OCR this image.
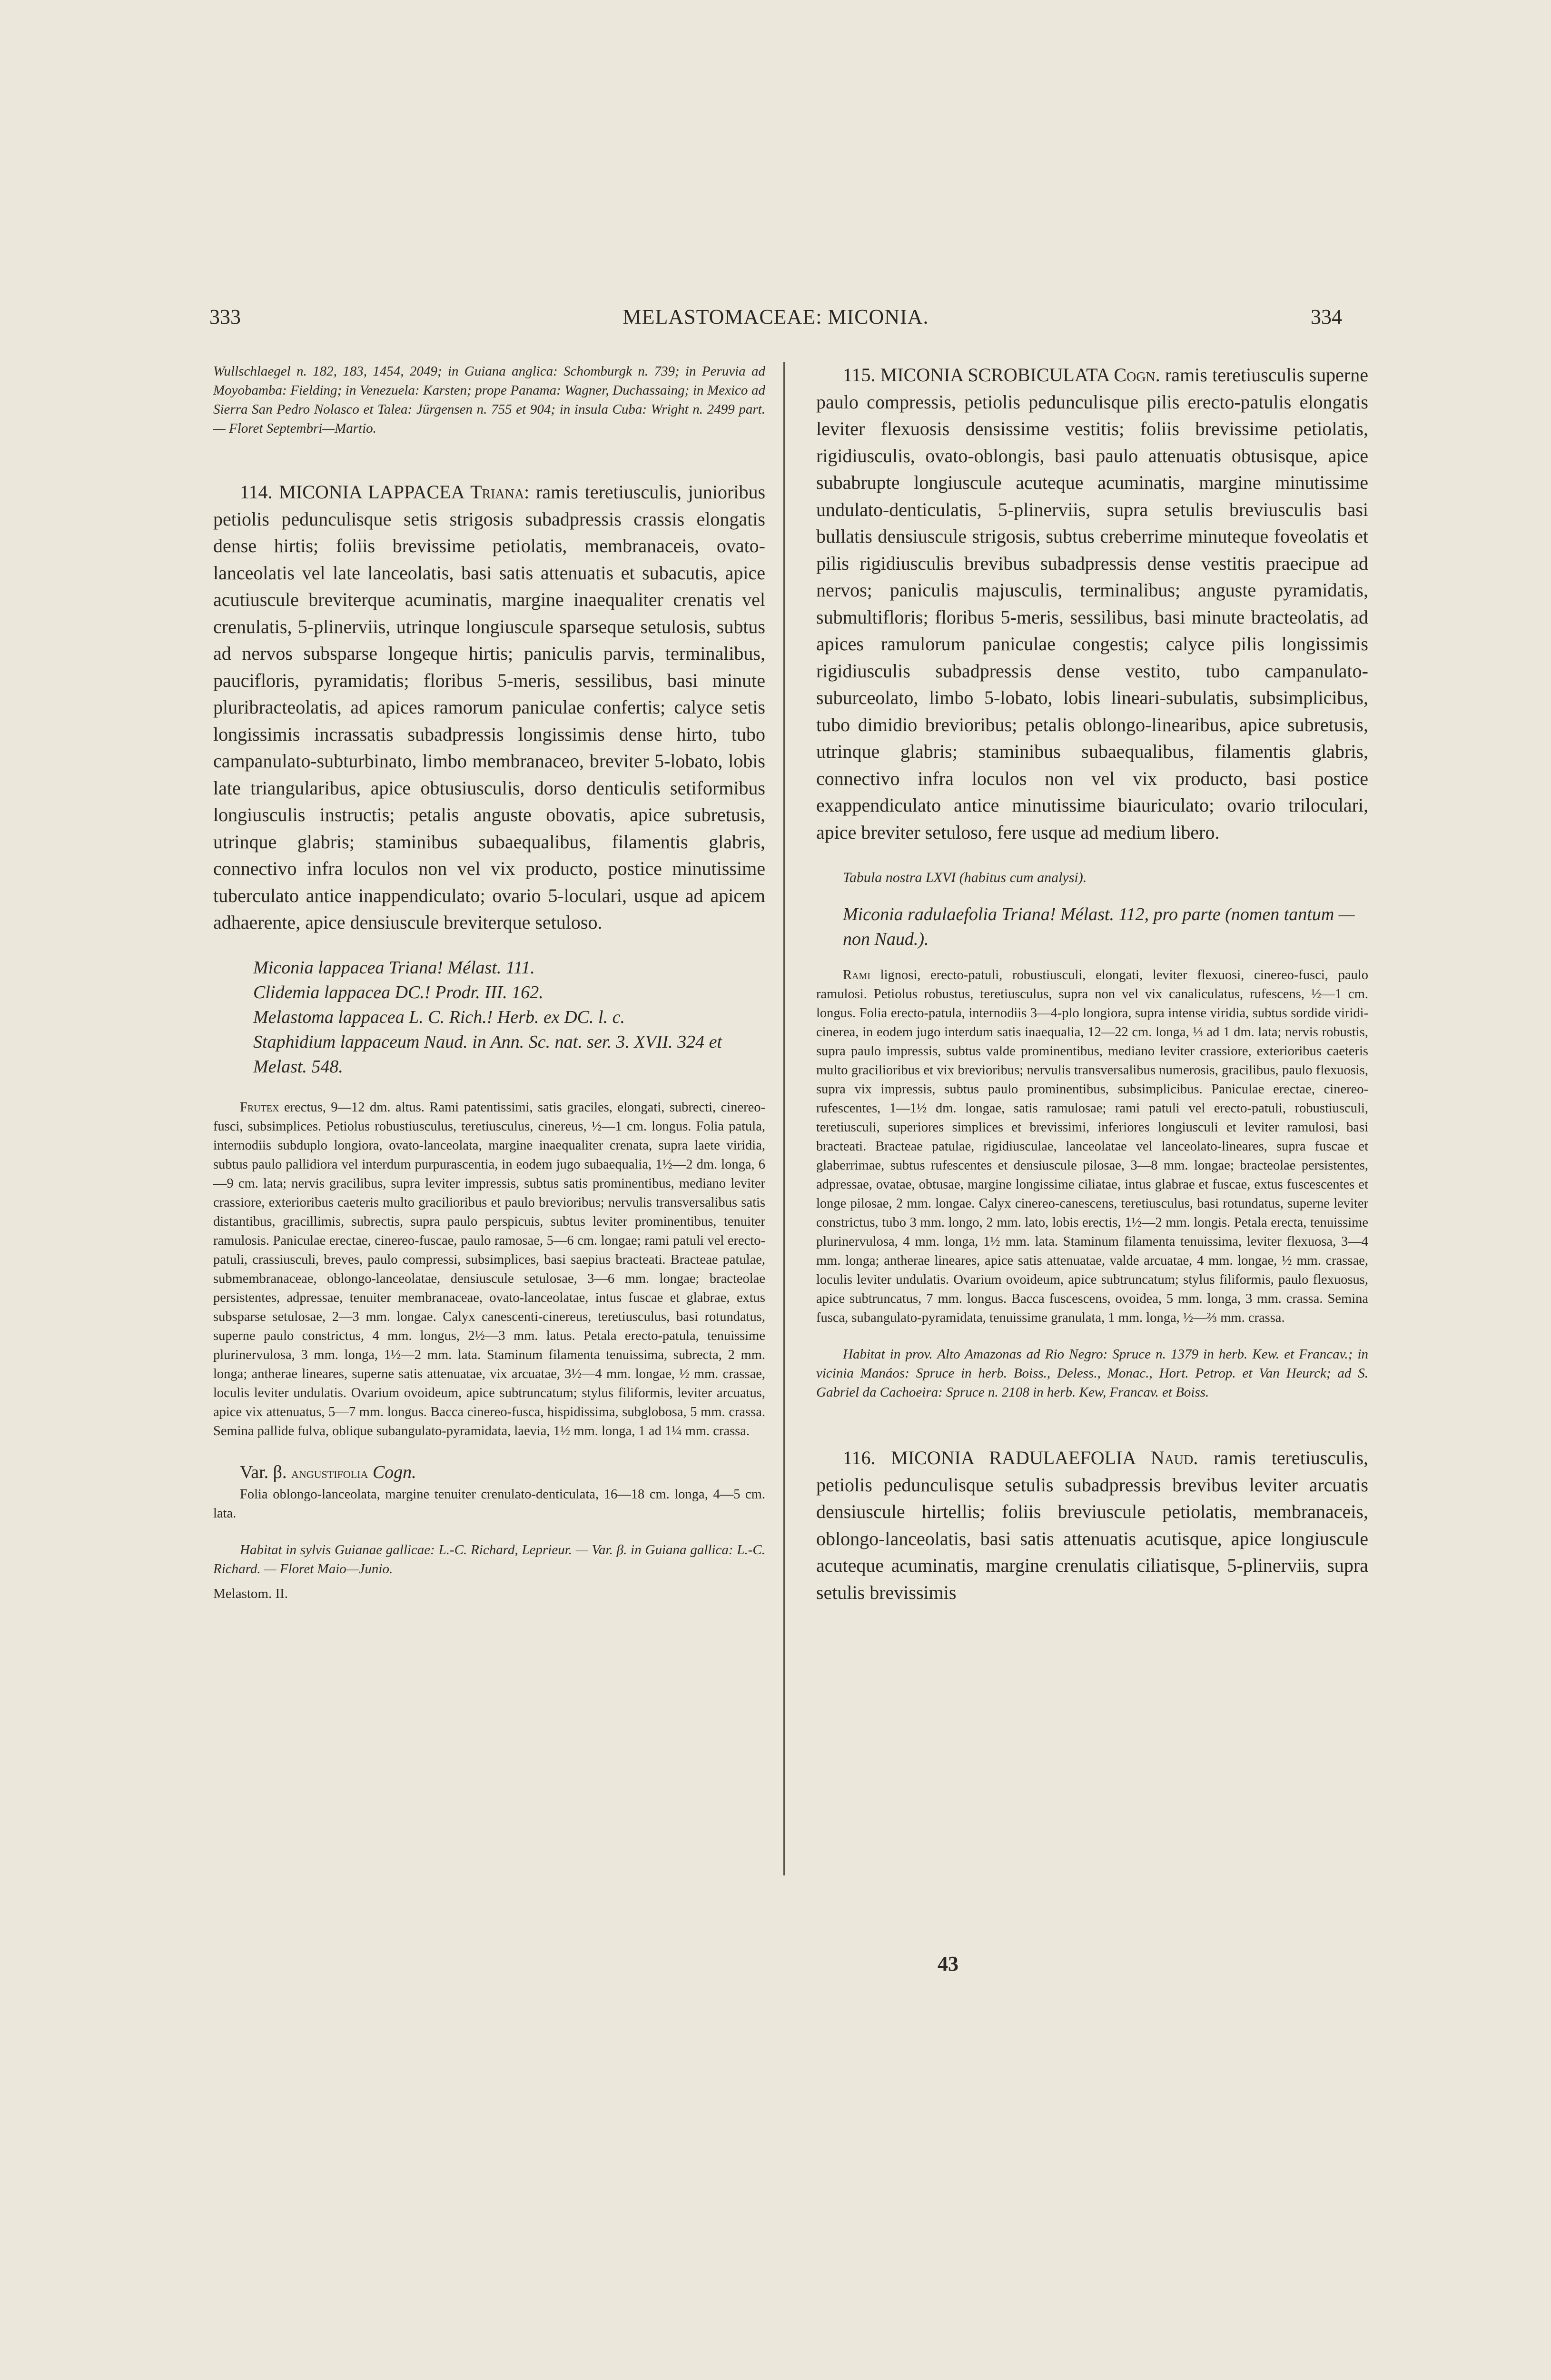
333	MELASTOMACEAE: MICONIA.	334

Wullschlaegel n. 182, 183, 1454, 2049; in Guiana anglica: Schomburgk n. 739; in Peruvia ad Moyobamba: Fielding; in Venezuela: Karsten; prope Panama: Wagner, Duchassaing; in Mexico ad Sierra San Pedro Nolasco et Talea: Jürgensen n. 755 et 904; in insula Cuba: Wright n. 2499 part. — Floret Septembri—Martio.

114. MICONIA LAPPACEA Triana: ramis teretiusculis, junioribus petiolis pedunculisque setis strigosis subadpressis crassis elongatis dense hirtis; foliis brevissime petiolatis, membranaceis, ovato-lanceolatis vel late lanceolatis, basi satis attenuatis et subacutis, apice acutiuscule breviterque acuminatis, margine inaequaliter crenatis vel crenulatis, 5-plinerviis, utrinque longiuscule sparseque setulosis, subtus ad nervos subsparse longeque hirtis; paniculis parvis, terminalibus, paucifloris, pyramidatis; floribus 5-meris, sessilibus, basi minute pluribracteolatis, ad apices ramorum paniculae confertis; calyce setis longissimis incrassatis subadpressis longissimis dense hirto, tubo campanulato-subturbinato, limbo membranaceo, breviter 5-lobato, lobis late triangularibus, apice obtusiusculis, dorso denticulis setiformibus longiusculis instructis; petalis anguste obovatis, apice subretusis, utrinque glabris; staminibus subaequalibus, filamentis glabris, connectivo infra loculos non vel vix producto, postice minutissime tuberculato antice inappendiculato; ovario 5-loculari, usque ad apicem adhaerente, apice densiuscule breviterque setuloso.

Miconia lappacea Triana! Mélast. 111.

Clidemia lappacea DC.! Prodr. III. 162.

Melastoma lappacea L. C. Rich.! Herb. ex DC. l. c.

Staphidium lappaceum Naud. in Ann. Sc. nat. ser. 3. XVII. 324 et Melast. 548.

Frutex erectus, 9—12 dm. altus. Rami patentissimi, satis graciles, elongati, subrecti, cinereo-fusci, subsimplices. Petiolus robustiusculus, teretiusculus, cinereus, ½—1 cm. longus. Folia patula, internodiis subduplo longiora, ovato-lanceolata, margine inaequaliter crenata, supra laete viridia, subtus paulo pallidiora vel interdum purpurascentia, in eodem jugo subaequalia, 1½—2 dm. longa, 6—9 cm. lata; nervis gracilibus, supra leviter impressis, subtus satis prominentibus, mediano leviter crassiore, exterioribus caeteris multo gracilioribus et paulo brevioribus; nervulis transversalibus satis distantibus, gracillimis, subrectis, supra paulo perspicuis, subtus leviter prominentibus, tenuiter ramulosis. Paniculae erectae, cinereo-fuscae, paulo ramosae, 5—6 cm. longae; rami patuli vel erecto-patuli, crassiusculi, breves, paulo compressi, subsimplices, basi saepius bracteati. Bracteae patulae, submembranaceae, oblongo-lanceolatae, densiuscule setulosae, 3—6 mm. longae; bracteolae persistentes, adpressae, tenuiter membranaceae, ovato-lanceolatae, intus fuscae et glabrae, extus subsparse setulosae, 2—3 mm. longae. Calyx canescenti-cinereus, teretiusculus, basi rotundatus, superne paulo constrictus, 4 mm. longus, 2½—3 mm. latus. Petala erecto-patula, tenuissime plurinervulosa, 3 mm. longa, 1½—2 mm. lata. Staminum filamenta tenuissima, subrecta, 2 mm. longa; antherae lineares, superne satis attenuatae, vix arcuatae, 3½—4 mm. longae, ½ mm. crassae, loculis leviter undulatis. Ovarium ovoideum, apice subtruncatum; stylus filiformis, leviter arcuatus, apice vix attenuatus, 5—7 mm. longus. Bacca cinereo-fusca, hispidissima, subglobosa, 5 mm. crassa. Semina pallide fulva, oblique subangulato-pyramidata, laevia, 1½ mm. longa, 1 ad 1¼ mm. crassa.

Var. β. angustifolia Cogn.

Folia oblongo-lanceolata, margine tenuiter crenulato-denticulata, 16—18 cm. longa, 4—5 cm. lata.

Habitat in sylvis Guianae gallicae: L.-C. Richard, Leprieur. — Var. β. in Guiana gallica: L.-C. Richard. — Floret Maio—Junio.

Melastom. II.

115. MICONIA SCROBICULATA Cogn. ramis teretiusculis superne paulo compressis, petiolis pedunculisque pilis erecto-patulis elongatis leviter flexuosis densissime vestitis; foliis brevissime petiolatis, rigidiusculis, ovato-oblongis, basi paulo attenuatis obtusisque, apice subabrupte longiuscule acuteque acuminatis, margine minutissime undulato-denticulatis, 5-plinerviis, supra setulis breviusculis basi bullatis densiuscule strigosis, subtus creberrime minuteque foveolatis et pilis rigidiusculis brevibus subadpressis dense vestitis praecipue ad nervos; paniculis majusculis, terminalibus; anguste pyramidatis, submultifloris; floribus 5-meris, sessilibus, basi minute bracteolatis, ad apices ramulorum paniculae congestis; calyce pilis longissimis rigidiusculis subadpressis dense vestito, tubo campanulato-suburceolato, limbo 5-lobato, lobis lineari-subulatis, subsimplicibus, tubo dimidio brevioribus; petalis oblongo-linearibus, apice subretusis, utrinque glabris; staminibus subaequalibus, filamentis glabris, connectivo infra loculos non vel vix producto, basi postice exappendiculato antice minutissime biauriculato; ovario triloculari, apice breviter setuloso, fere usque ad medium libero.

Tabula nostra LXVI (habitus cum analysi).

Miconia radulaefolia Triana! Mélast. 112, pro parte (nomen tantum — non Naud.).

Rami lignosi, erecto-patuli, robustiusculi, elongati, leviter flexuosi, cinereo-fusci, paulo ramulosi. Petiolus robustus, teretiusculus, supra non vel vix canaliculatus, rufescens, ½—1 cm. longus. Folia erecto-patula, internodiis 3—4-plo longiora, supra intense viridia, subtus sordide viridi-cinerea, in eodem jugo interdum satis inaequalia, 12—22 cm. longa, ⅓ ad 1 dm. lata; nervis robustis, supra paulo impressis, subtus valde prominentibus, mediano leviter crassiore, exterioribus caeteris multo gracilioribus et vix brevioribus; nervulis transversalibus numerosis, gracilibus, paulo flexuosis, supra vix impressis, subtus paulo prominentibus, subsimplicibus. Paniculae erectae, cinereo-rufescentes, 1—1½ dm. longae, satis ramulosae; rami patuli vel erecto-patuli, robustiusculi, teretiusculi, superiores simplices et brevissimi, inferiores longiusculi et leviter ramulosi, basi bracteati. Bracteae patulae, rigidiusculae, lanceolatae vel lanceolato-lineares, supra fuscae et glaberrimae, subtus rufescentes et densiuscule pilosae, 3—8 mm. longae; bracteolae persistentes, adpressae, ovatae, obtusae, margine longissime ciliatae, intus glabrae et fuscae, extus fuscescentes et longe pilosae, 2 mm. longae. Calyx cinereo-canescens, teretiusculus, basi rotundatus, superne leviter constrictus, tubo 3 mm. longo, 2 mm. lato, lobis erectis, 1½—2 mm. longis. Petala erecta, tenuissime plurinervulosa, 4 mm. longa, 1½ mm. lata. Staminum filamenta tenuissima, leviter flexuosa, 3—4 mm. longa; antherae lineares, apice satis attenuatae, valde arcuatae, 4 mm. longae, ½ mm. crassae, loculis leviter undulatis. Ovarium ovoideum, apice subtruncatum; stylus filiformis, paulo flexuosus, apice subtruncatus, 7 mm. longus. Bacca fuscescens, ovoidea, 5 mm. longa, 3 mm. crassa. Semina fusca, subangulato-pyramidata, tenuissime granulata, 1 mm. longa, ½—⅔ mm. crassa.

Habitat in prov. Alto Amazonas ad Rio Negro: Spruce n. 1379 in herb. Kew. et Francav.; in vicinia Manáos: Spruce in herb. Boiss., Deless., Monac., Hort. Petrop. et Van Heurck; ad S. Gabriel da Cachoeira: Spruce n. 2108 in herb. Kew, Francav. et Boiss.

116. MICONIA RADULAEFOLIA Naud. ramis teretiusculis, petiolis pedunculisque setulis subadpressis brevibus leviter arcuatis densiuscule hirtellis; foliis breviuscule petiolatis, membranaceis, oblongo-lanceolatis, basi satis attenuatis acutisque, apice longiuscule acuteque acuminatis, margine crenulatis ciliatisque, 5-plinerviis, supra setulis brevissimis

43
